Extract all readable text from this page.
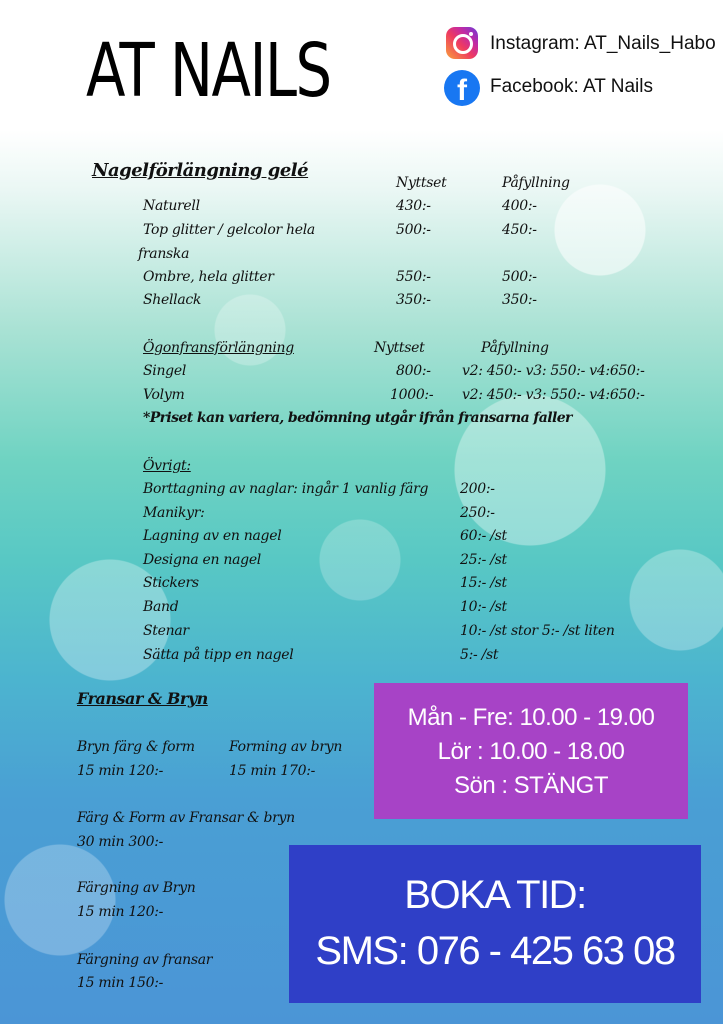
AT NAILS	Instagram: AT_Nails_Habo
f	Facebook: AT Nails
Nagelförlängning gelé
Nyttset	Påfyllning
Naturell	430:-	400:-
Top glitter / gelcolor hela	500:-	450:-
franska
Ombre, hela glitter	550:-	500:-
Shellack	350:-	350:-
Ögonfransförlängning	Nyttset	Påfyllning
Singel	800:- v2: 450:- v3: 550:- v4:650:-
Volym	1000:- v2: 450:- v3: 550:- v4:650:-
*Priset kan variera, bedömning utgår ifrån fransarna faller
Övrigt:
Borttagning av naglar: ingår 1 vanlig färg 200:-
Manikyr:	250:-
Lagning av en nagel	60:- /st
Designa en nagel	25:- /st
Stickers	15:- /st
Band	10:- /st
Stenar	10:- /st stor 5:- /st liten
Sätta på tipp en nagel	5:- /st
Fransar & Bryn
Bryn färg & form
15 min 120:-
Forming av bryn
15 min 170:-
Färg & Form av Fransar & bryn
30 min 300:-
Färgning av Bryn
15 min 120:-
Färgning av fransar
15 min 150:-
Mån - Fre: 10.00 - 19.00
Lör : 10.00 - 18.00
Sön : STÄNGT
BOKA TID:
SMS: 076 - 425 63 08
